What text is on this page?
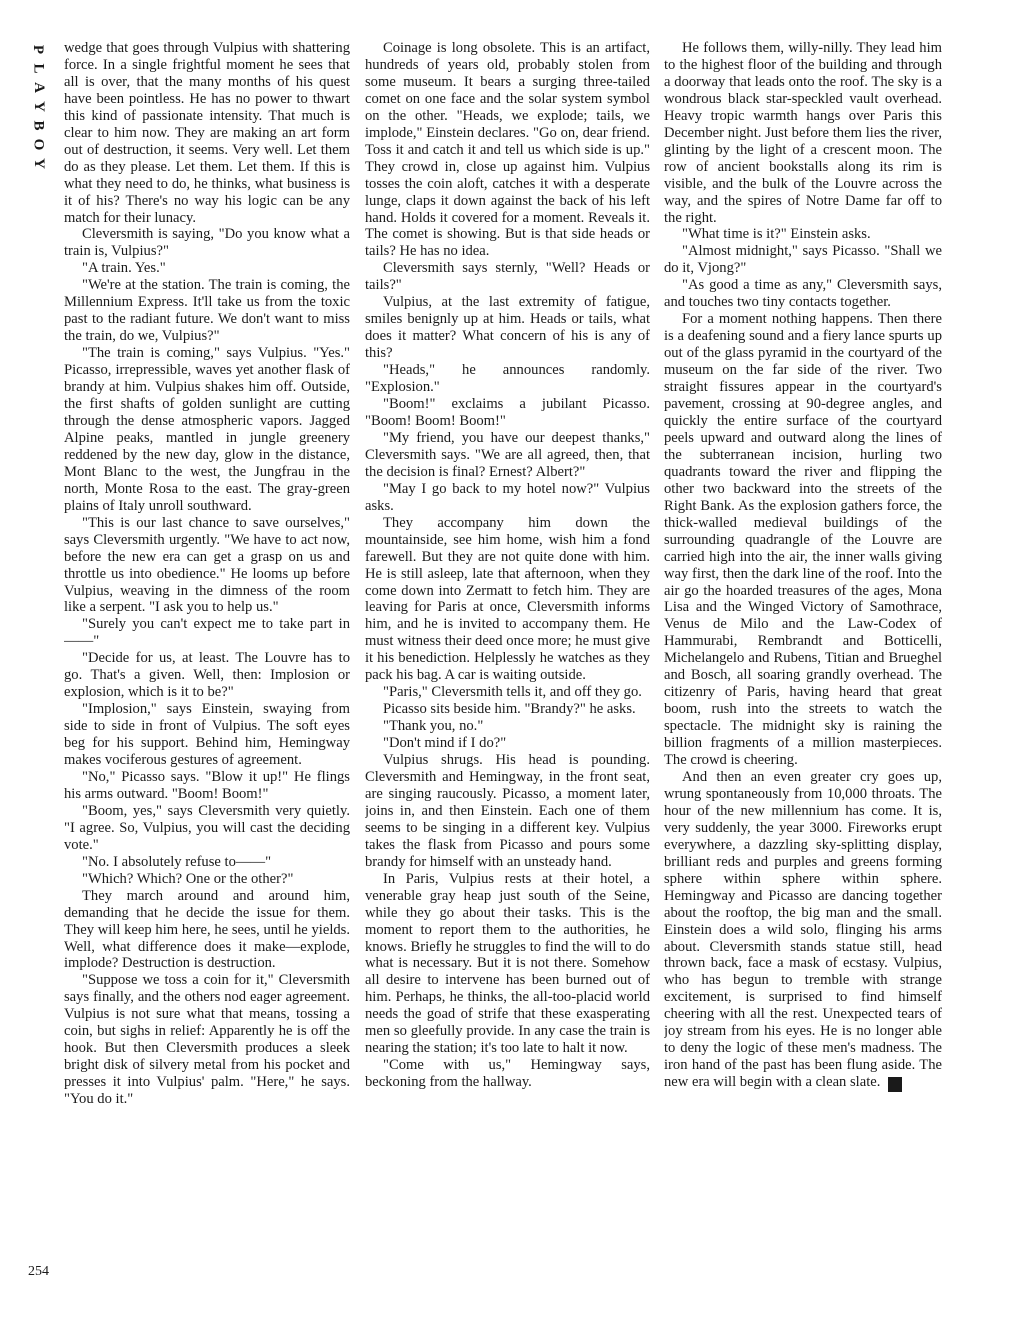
P
L
A
Y
B
O
Y

wedge that goes through Vulpius with shattering force. In a single frightful moment he sees that all is over, that the many months of his quest have been pointless. He has no power to thwart this kind of passionate intensity. That much is clear to him now. They are making an art form out of destruction, it seems. Very well. Let them do as they please. Let them. Let them. If this is what they need to do, he thinks, what business is it of his? There's no way his logic can be any match for their lunacy.

Cleversmith is saying, "Do you know what a train is, Vulpius?"

"A train. Yes."

"We're at the station. The train is coming, the Millennium Express. It'll take us from the toxic past to the radiant future. We don't want to miss the train, do we, Vulpius?"

"The train is coming," says Vulpius. "Yes." Picasso, irrepressible, waves yet another flask of brandy at him. Vulpius shakes him off. Outside, the first shafts of golden sunlight are cutting through the dense atmospheric vapors. Jagged Alpine peaks, mantled in jungle greenery reddened by the new day, glow in the distance, Mont Blanc to the west, the Jungfrau in the north, Monte Rosa to the east. The gray-green plains of Italy unroll southward.

"This is our last chance to save ourselves," says Cleversmith urgently. "We have to act now, before the new era can get a grasp on us and throttle us into obedience." He looms up before Vulpius, weaving in the dimness of the room like a serpent. "I ask you to help us."

"Surely you can't expect me to take part in——"

"Decide for us, at least. The Louvre has to go. That's a given. Well, then: Implosion or explosion, which is it to be?"

"Implosion," says Einstein, swaying from side to side in front of Vulpius. The soft eyes beg for his support. Behind him, Hemingway makes vociferous gestures of agreement.

"No," Picasso says. "Blow it up!" He flings his arms outward. "Boom! Boom!"

"Boom, yes," says Cleversmith very quietly. "I agree. So, Vulpius, you will cast the deciding vote."

"No. I absolutely refuse to——"

"Which? Which? One or the other?"

They march around and around him, demanding that he decide the issue for them. They will keep him here, he sees, until he yields. Well, what difference does it make—explode, implode? Destruction is destruction.

"Suppose we toss a coin for it," Cleversmith says finally, and the others nod eager agreement. Vulpius is not sure what that means, tossing a coin, but sighs in relief: Apparently he is off the hook. But then Cleversmith produces a sleek bright disk of silvery metal from his pocket and presses it into Vulpius' palm. "Here," he says. "You do it."

Coinage is long obsolete. This is an artifact, hundreds of years old, probably stolen from some museum. It bears a surging three-tailed comet on one face and the solar system symbol on the other. "Heads, we explode; tails, we implode," Einstein declares. "Go on, dear friend. Toss it and catch it and tell us which side is up." They crowd in, close up against him. Vulpius tosses the coin aloft, catches it with a desperate lunge, claps it down against the back of his left hand. Holds it covered for a moment. Reveals it. The comet is showing. But is that side heads or tails? He has no idea.

Cleversmith says sternly, "Well? Heads or tails?"

Vulpius, at the last extremity of fatigue, smiles benignly up at him. Heads or tails, what does it matter? What concern of his is any of this?

"Heads," he announces randomly. "Explosion."

"Boom!" exclaims a jubilant Picasso. "Boom! Boom! Boom!"

"My friend, you have our deepest thanks," Cleversmith says. "We are all agreed, then, that the decision is final? Ernest? Albert?"

"May I go back to my hotel now?" Vulpius asks.

They accompany him down the mountainside, see him home, wish him a fond farewell. But they are not quite done with him. He is still asleep, late that afternoon, when they come down into Zermatt to fetch him. They are leaving for Paris at once, Cleversmith informs him, and he is invited to accompany them. He must witness their deed once more; he must give it his benediction. Helplessly he watches as they pack his bag. A car is waiting outside.

"Paris," Cleversmith tells it, and off they go.

Picasso sits beside him. "Brandy?" he asks.

"Thank you, no."

"Don't mind if I do?"

Vulpius shrugs. His head is pounding. Cleversmith and Hemingway, in the front seat, are singing raucously. Picasso, a moment later, joins in, and then Einstein. Each one of them seems to be singing in a different key. Vulpius takes the flask from Picasso and pours some brandy for himself with an unsteady hand.

In Paris, Vulpius rests at their hotel, a venerable gray heap just south of the Seine, while they go about their tasks. This is the moment to report them to the authorities, he knows. Briefly he struggles to find the will to do what is necessary. But it is not there. Somehow all desire to intervene has been burned out of him. Perhaps, he thinks, the all-too-placid world needs the goad of strife that these exasperating men so gleefully provide. In any case the train is nearing the station; it's too late to halt it now.

"Come with us," Hemingway says, beckoning from the hallway.

He follows them, willy-nilly. They lead him to the highest floor of the building and through a doorway that leads onto the roof. The sky is a wondrous black star-speckled vault overhead. Heavy tropic warmth hangs over Paris this December night. Just before them lies the river, glinting by the light of a crescent moon. The row of ancient bookstalls along its rim is visible, and the bulk of the Louvre across the way, and the spires of Notre Dame far off to the right.

"What time is it?" Einstein asks.

"Almost midnight," says Picasso. "Shall we do it, Vjong?"

"As good a time as any," Cleversmith says, and touches two tiny contacts together.

For a moment nothing happens. Then there is a deafening sound and a fiery lance spurts up out of the glass pyramid in the courtyard of the museum on the far side of the river. Two straight fissures appear in the courtyard's pavement, crossing at 90-degree angles, and quickly the entire surface of the courtyard peels upward and outward along the lines of the subterranean incision, hurling two quadrants toward the river and flipping the other two backward into the streets of the Right Bank. As the explosion gathers force, the thick-walled medieval buildings of the surrounding quadrangle of the Louvre are carried high into the air, the inner walls giving way first, then the dark line of the roof. Into the air go the hoarded treasures of the ages, Mona Lisa and the Winged Victory of Samothrace, Venus de Milo and the Law-Codex of Hammurabi, Rembrandt and Botticelli, Michelangelo and Rubens, Titian and Brueghel and Bosch, all soaring grandly overhead. The citizenry of Paris, having heard that great boom, rush into the streets to watch the spectacle. The midnight sky is raining the billion fragments of a million masterpieces. The crowd is cheering.

And then an even greater cry goes up, wrung spontaneously from 10,000 throats. The hour of the new millennium has come. It is, very suddenly, the year 3000. Fireworks erupt everywhere, a dazzling sky-splitting display, brilliant reds and purples and greens forming sphere within sphere within sphere. Hemingway and Picasso are dancing together about the rooftop, the big man and the small. Einstein does a wild solo, flinging his arms about. Cleversmith stands statue still, head thrown back, face a mask of ecstasy. Vulpius, who has begun to tremble with strange excitement, is surprised to find himself cheering with all the rest. Unexpected tears of joy stream from his eyes. He is no longer able to deny the logic of these men's madness. The iron hand of the past has been flung aside. The new era will begin with a clean slate. ♞

254
